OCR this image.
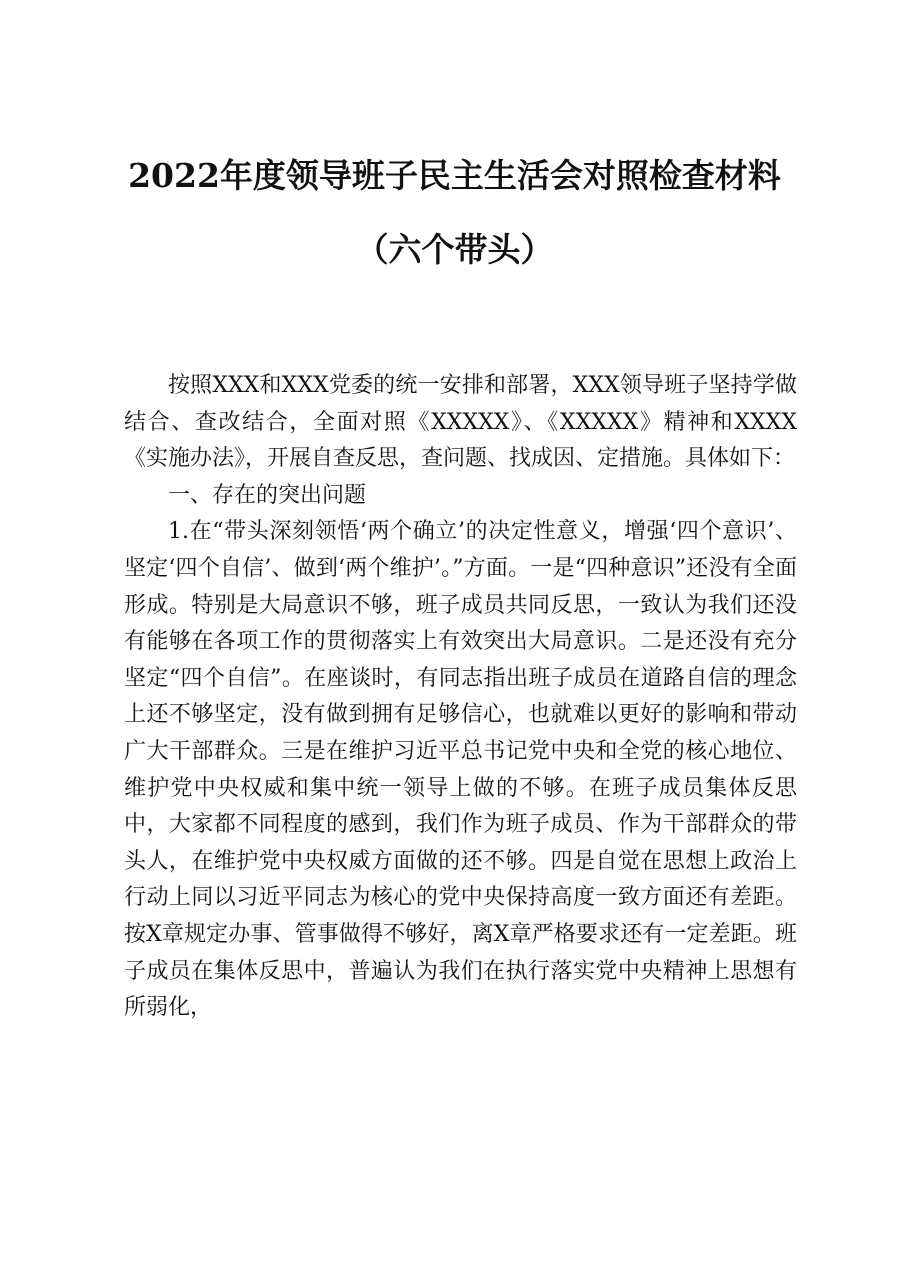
2022年度领导班子民主生活会对照检查材料
（六个带头）

按照XXX和XXX党委的统一安排和部署，XXX领导班子坚持学做结合、查改结合，全面对照《XXXXX》、《XXXXX》精神和XXXX《实施办法》，开展自查反思，查问题、找成因、定措施。具体如下：

一、存在的突出问题

1.在“带头深刻领悟‘两个确立’的决定性意义，增强‘四个意识’、坚定‘四个自信’、做到‘两个维护’。”方面。一是“四种意识”还没有全面形成。特别是大局意识不够，班子成员共同反思，一致认为我们还没有能够在各项工作的贯彻落实上有效突出大局意识。二是还没有充分坚定“四个自信”。在座谈时，有同志指出班子成员在道路自信的理念上还不够坚定，没有做到拥有足够信心，也就难以更好的影响和带动广大干部群众。三是在维护习近平总书记党中央和全党的核心地位、维护党中央权威和集中统一领导上做的不够。在班子成员集体反思中，大家都不同程度的感到，我们作为班子成员、作为干部群众的带头人，在维护党中央权威方面做的还不够。四是自觉在思想上政治上行动上同以习近平同志为核心的党中央保持高度一致方面还有差距。按X章规定办事、管事做得不够好，离X章严格要求还有一定差距。班子成员在集体反思中，普遍认为我们在执行落实党中央精神上思想有所弱化，
